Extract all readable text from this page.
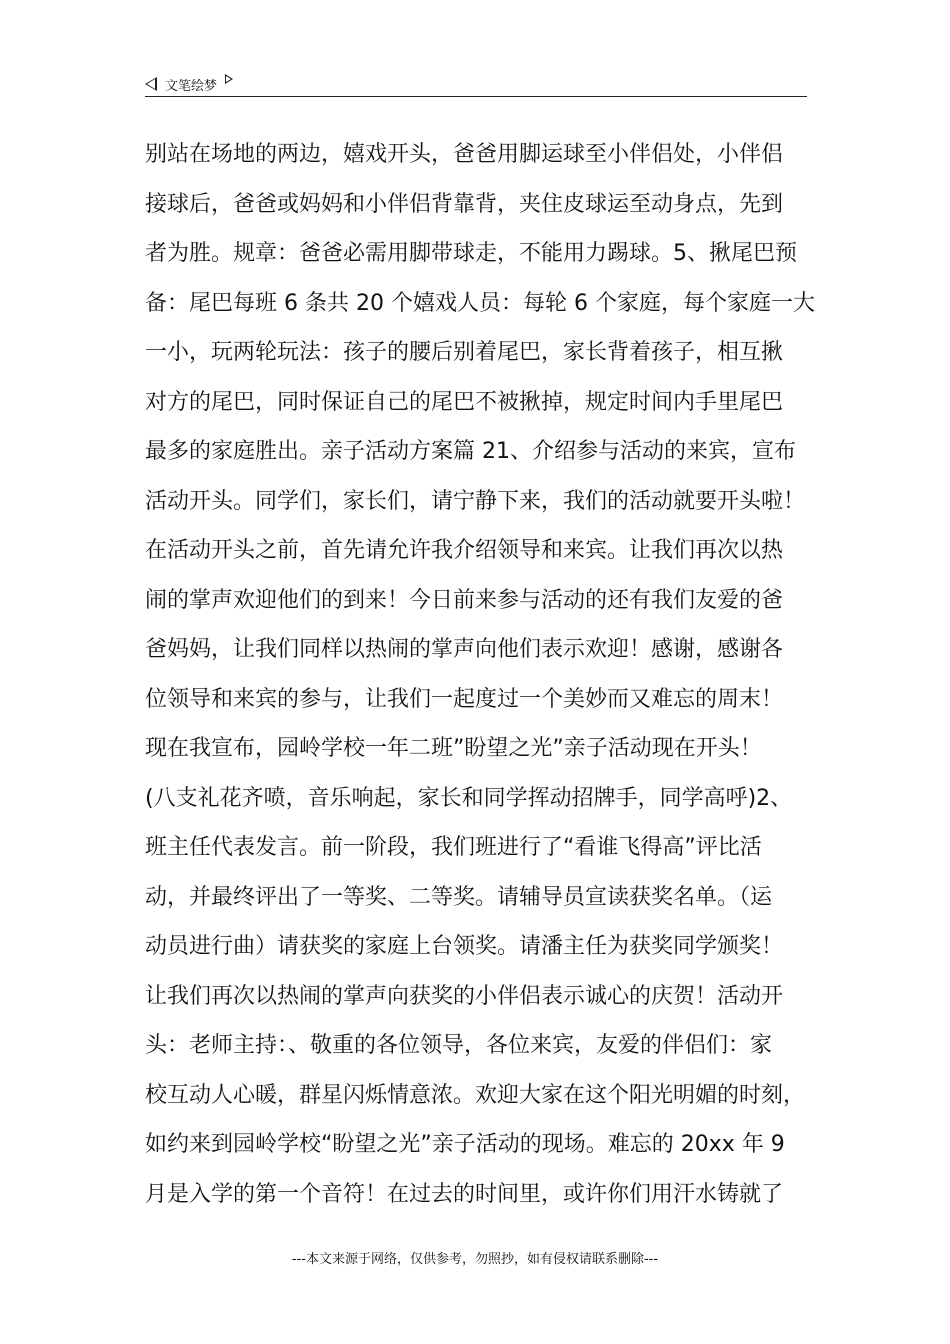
文笔绘梦
别站在场地的两边，嬉戏开头，爸爸用脚运球至小伴侣处，小伴侣
接球后，爸爸或妈妈和小伴侣背靠背，夹住皮球运至动身点，先到
者为胜。规章：爸爸必需用脚带球走，不能用力踢球。5、揪尾巴预
备：尾巴每班 6 条共 20 个嬉戏人员：每轮 6 个家庭，每个家庭一大
一小，玩两轮玩法：孩子的腰后别着尾巴，家长背着孩子，相互揪
对方的尾巴，同时保证自己的尾巴不被揪掉，规定时间内手里尾巴
最多的家庭胜出。亲子活动方案篇 21、介绍参与活动的来宾，宣布
活动开头。同学们，家长们，请宁静下来，我们的活动就要开头啦！
在活动开头之前，首先请允许我介绍领导和来宾。让我们再次以热
闹的掌声欢迎他们的到来！今日前来参与活动的还有我们友爱的爸
爸妈妈，让我们同样以热闹的掌声向他们表示欢迎！感谢，感谢各
位领导和来宾的参与，让我们一起度过一个美妙而又难忘的周末！
现在我宣布，园岭学校一年二班”盼望之光”亲子活动现在开头！
(八支礼花齐喷，音乐响起，家长和同学挥动招牌手，同学高呼)2、
班主任代表发言。前一阶段，我们班进行了“看谁飞得高”评比活
动，并最终评出了一等奖、二等奖。请辅导员宣读获奖名单。（运
动员进行曲）请获奖的家庭上台领奖。请潘主任为获奖同学颁奖！
让我们再次以热闹的掌声向获奖的小伴侣表示诚心的庆贺！活动开
头：老师主持：、敬重的各位领导，各位来宾，友爱的伴侣们：家
校互动人心暖，群星闪烁情意浓。欢迎大家在这个阳光明媚的时刻，
如约来到园岭学校“盼望之光”亲子活动的现场。难忘的 20xx 年 9
月是入学的第一个音符！在过去的时间里，或许你们用汗水铸就了
---本文来源于网络，仅供参考，勿照抄，如有侵权请联系删除---
